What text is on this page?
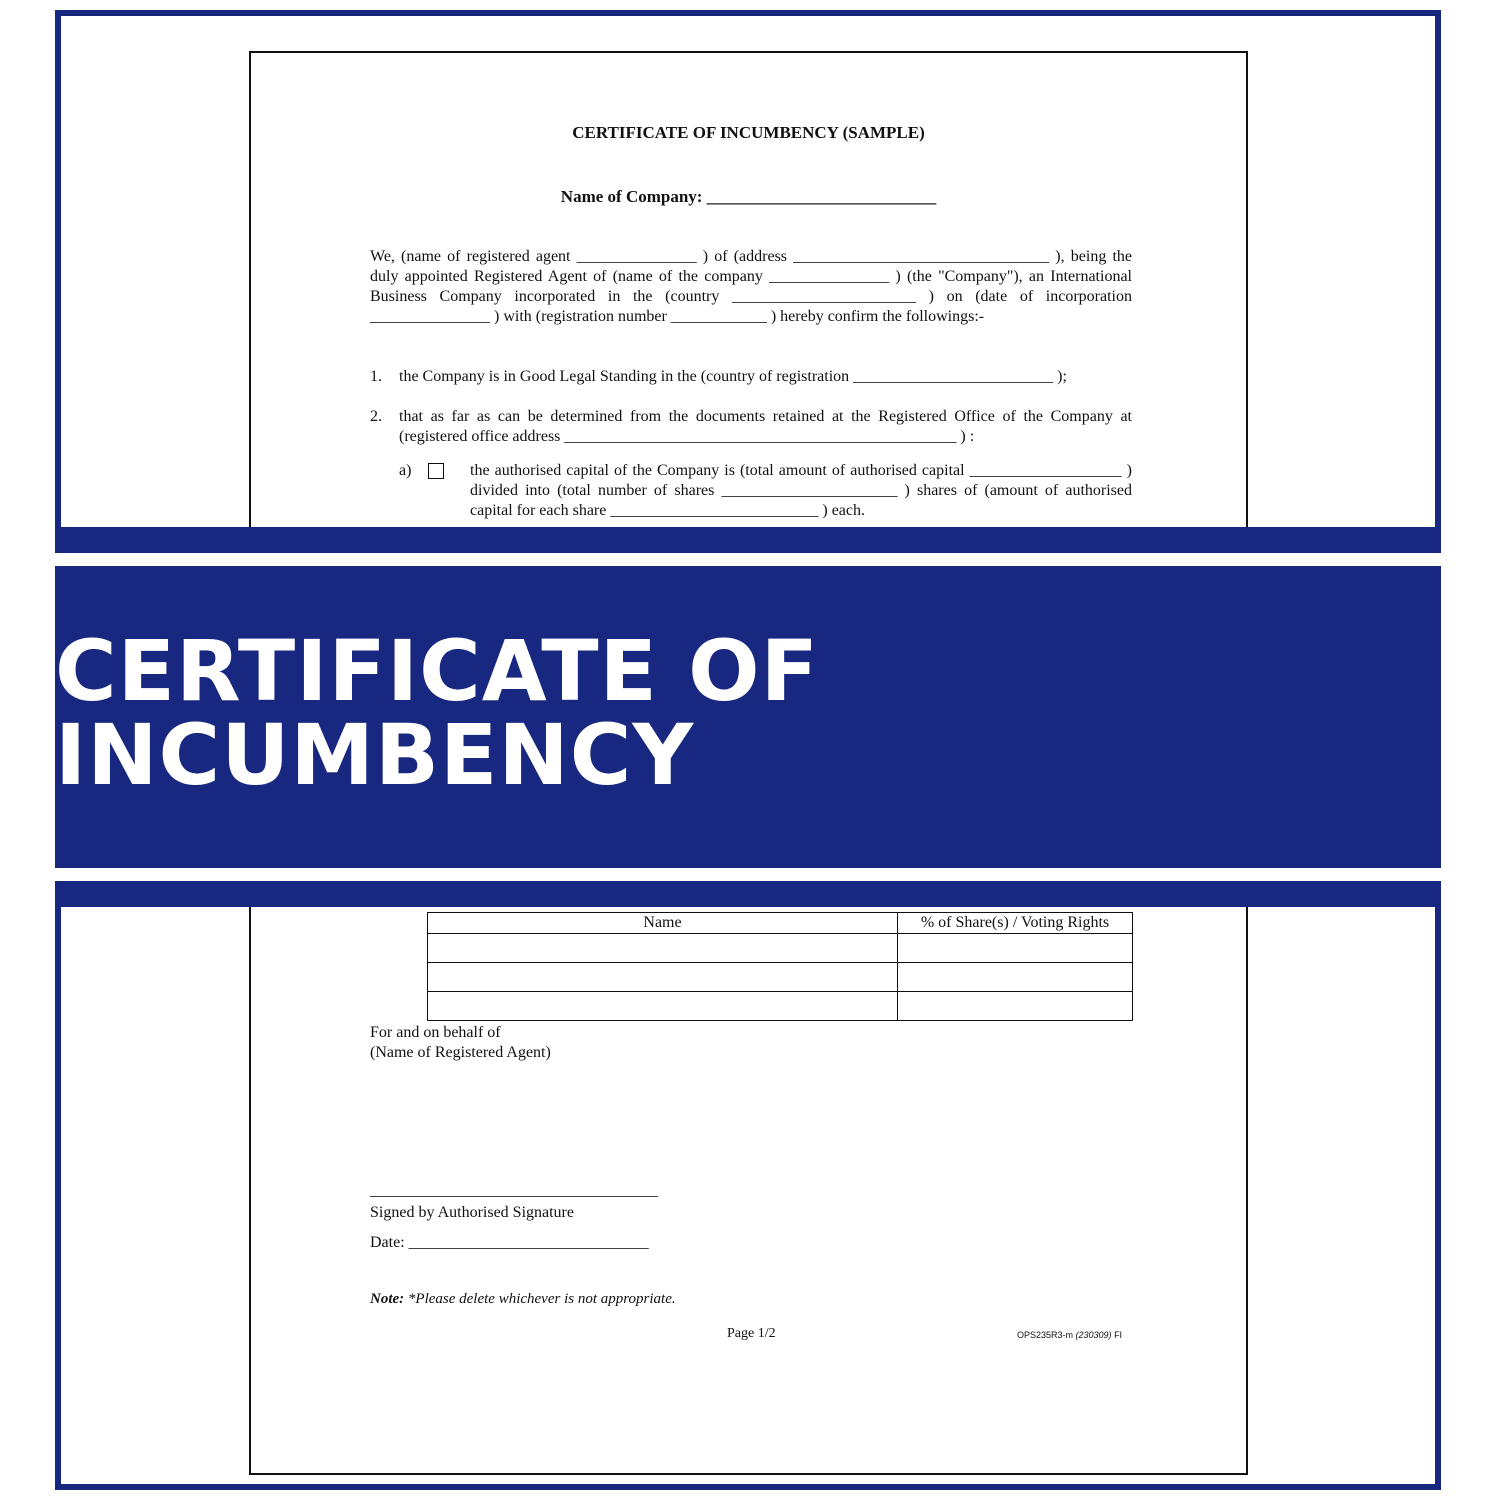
CERTIFICATE OF INCUMBENCY (SAMPLE)
Name of Company: ___________________________
We, (name of registered agent _______________ ) of (address ________________________________ ), being the duly appointed Registered Agent of (name of the company _______________ ) (the "Company"), an International Business Company incorporated in the (country _______________________ ) on (date of incorporation _______________ ) with (registration number ____________ ) hereby confirm the followings:-
1. the Company is in Good Legal Standing in the (country of registration _________________________ );
2. that as far as can be determined from the documents retained at the Registered Office of the Company at (registered office address _________________________________________________ ) :
a)	the authorised capital of the Company is (total amount of authorised capital ___________________ ) divided into (total number of shares ______________________ ) shares of (amount of authorised capital for each share __________________________ ) each.
CERTIFICATE OF INCUMBENCY
Name	% of Share(s) / Voting Rights

For and on behalf of
(Name of Registered Agent)
____________________________________
Signed by Authorised Signature
Date: ______________________________
Note: *Please delete whichever is not appropriate.
Page 1/2	OPS235R3-m (230309) FI
